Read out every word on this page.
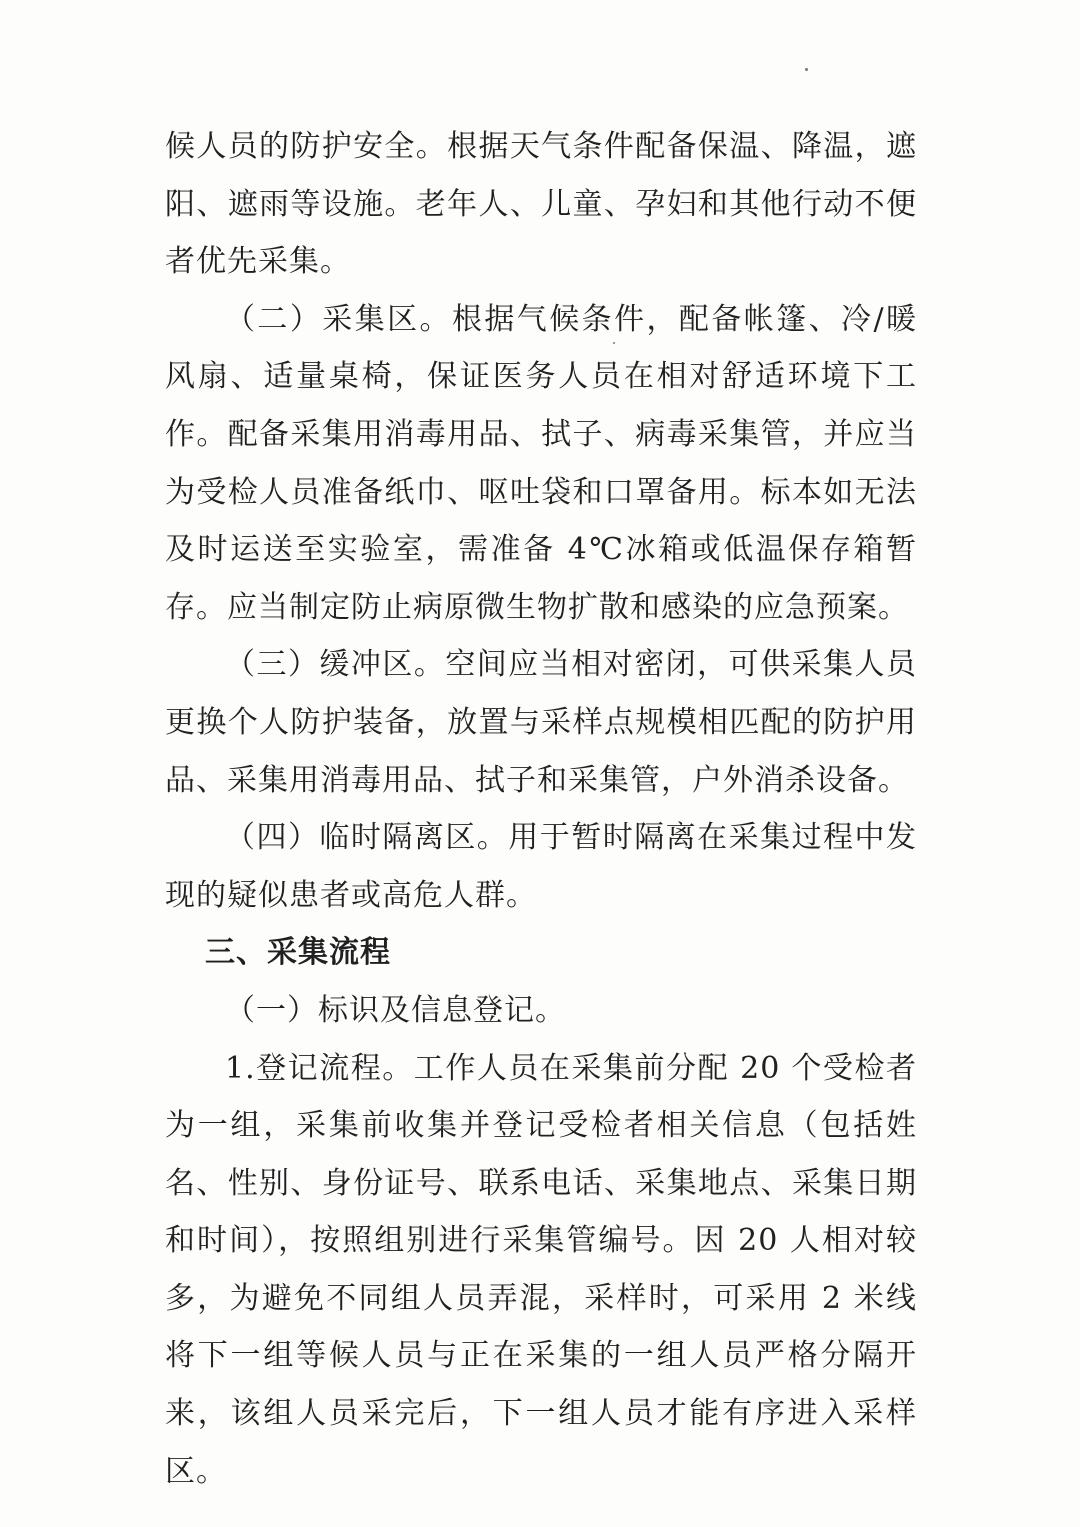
候人员的防护安全。根据天气条件配备保温、降温，遮阳、遮雨等设施。老年人、儿童、孕妇和其他行动不便者优先采集。

（二）采集区。根据气候条件，配备帐篷、冷/暖风扇、适量桌椅，保证医务人员在相对舒适环境下工作。配备采集用消毒用品、拭子、病毒采集管，并应当为受检人员准备纸巾、呕吐袋和口罩备用。标本如无法及时运送至实验室，需准备 4℃冰箱或低温保存箱暂存。应当制定防止病原微生物扩散和感染的应急预案。

（三）缓冲区。空间应当相对密闭，可供采集人员更换个人防护装备，放置与采样点规模相匹配的防护用品、采集用消毒用品、拭子和采集管，户外消杀设备。

（四）临时隔离区。用于暂时隔离在采集过程中发现的疑似患者或高危人群。

三、采集流程

（一）标识及信息登记。

1.登记流程。工作人员在采集前分配 20 个受检者为一组，采集前收集并登记受检者相关信息（包括姓名、性别、身份证号、联系电话、采集地点、采集日期和时间），按照组别进行采集管编号。因 20 人相对较多，为避免不同组人员弄混，采样时，可采用 2 米线将下一组等候人员与正在采集的一组人员严格分隔开来，该组人员采完后，下一组人员才能有序进入采样区。
